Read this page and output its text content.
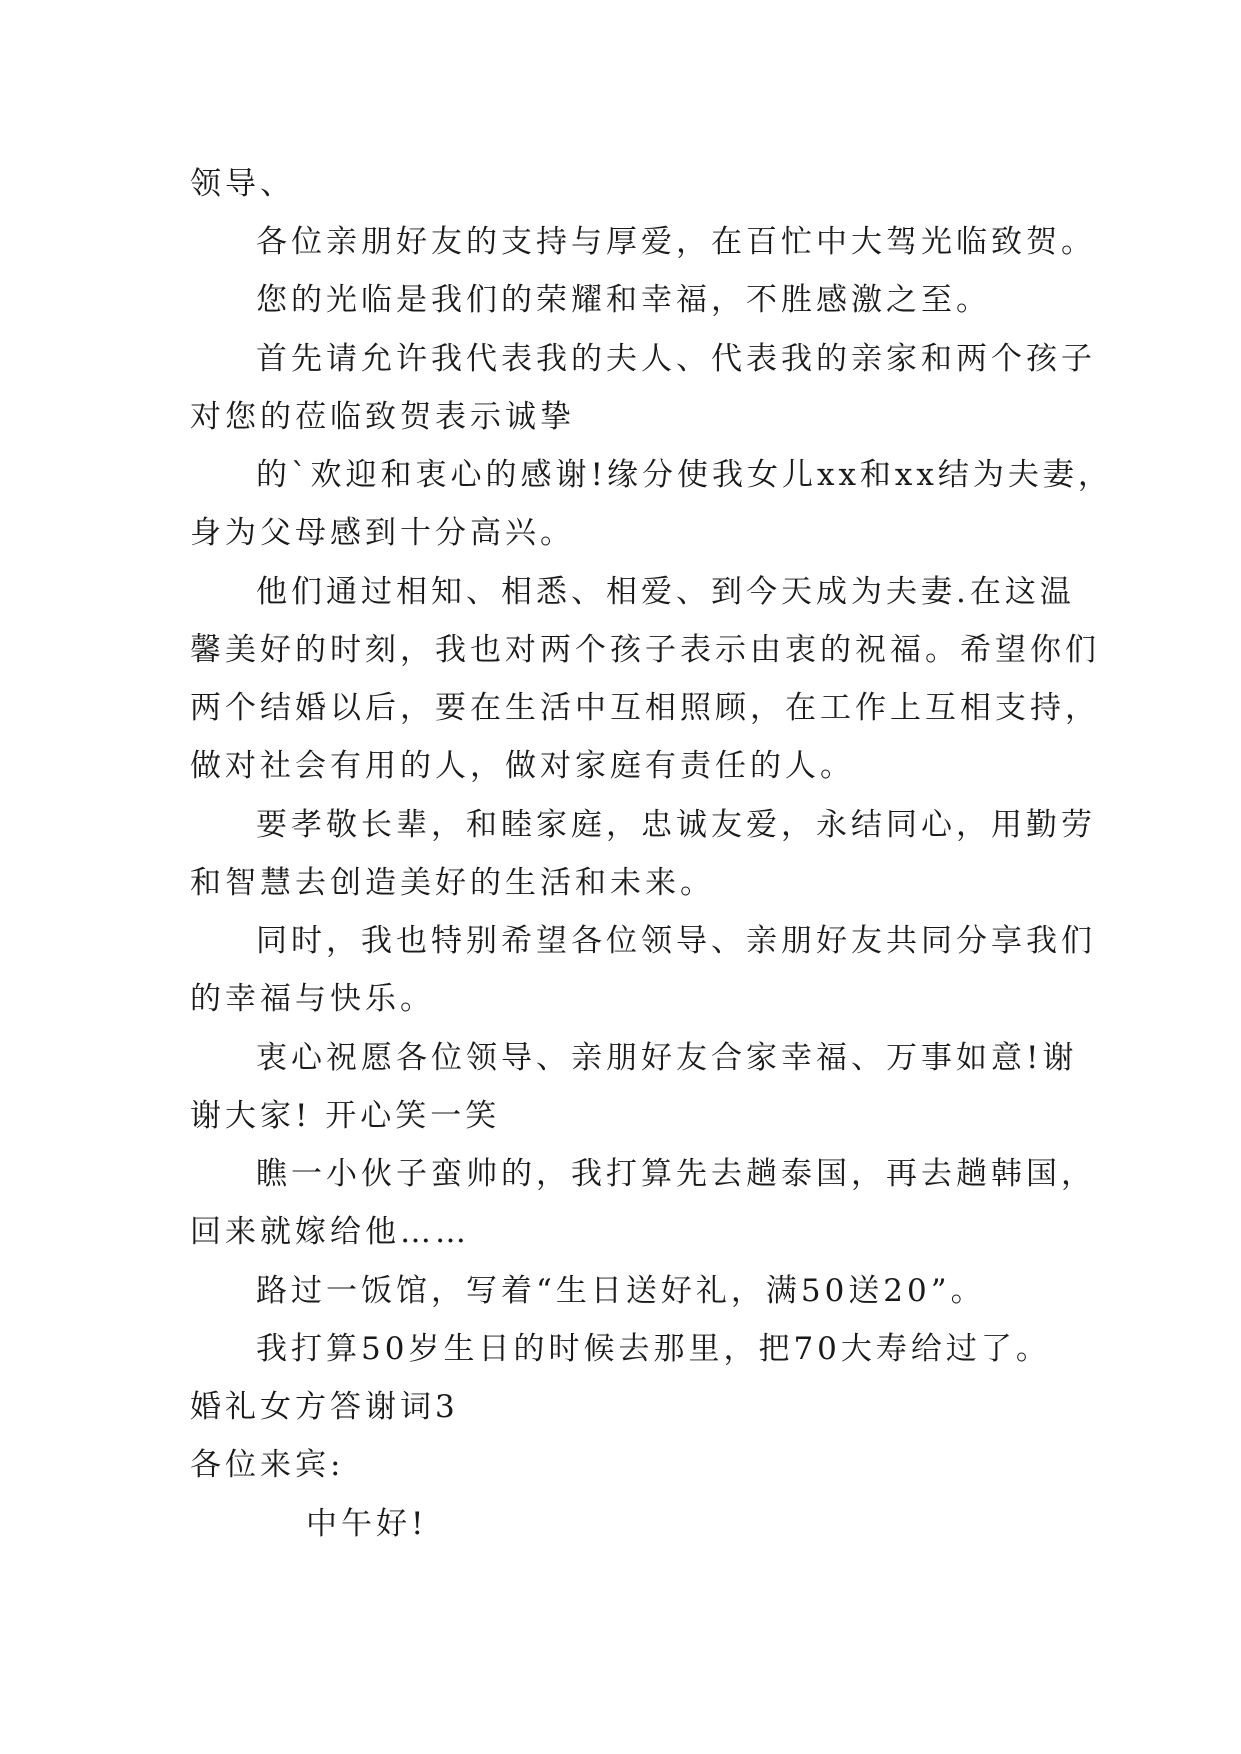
领导、
各位亲朋好友的支持与厚爱，在百忙中大驾光临致贺。
您的光临是我们的荣耀和幸福，不胜感激之至。
首先请允许我代表我的夫人、代表我的亲家和两个孩子
对您的莅临致贺表示诚挚
的`欢迎和衷心的感谢!缘分使我女儿xx和xx结为夫妻，
身为父母感到十分高兴。
他们通过相知、相悉、相爱、到今天成为夫妻.在这温
馨美好的时刻，我也对两个孩子表示由衷的祝福。希望你们
两个结婚以后，要在生活中互相照顾，在工作上互相支持，
做对社会有用的人，做对家庭有责任的人。
要孝敬长辈，和睦家庭，忠诚友爱，永结同心，用勤劳
和智慧去创造美好的生活和未来。
同时，我也特别希望各位领导、亲朋好友共同分享我们
的幸福与快乐。
衷心祝愿各位领导、亲朋好友合家幸福、万事如意!谢
谢大家! 开心笑一笑
瞧一小伙子蛮帅的，我打算先去趟泰国，再去趟韩国，
回来就嫁给他……
路过一饭馆，写着“生日送好礼，满50送20”。
我打算50岁生日的时候去那里，把70大寿给过了。
婚礼女方答谢词3
各位来宾:
中午好!
